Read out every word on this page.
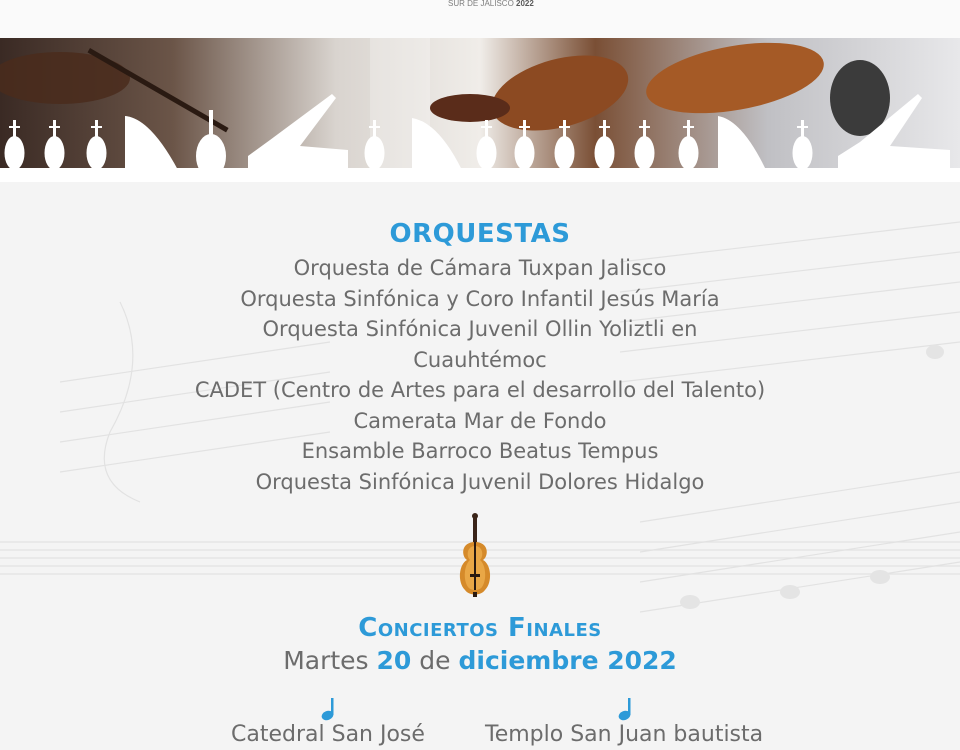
SUR DE JALISCO 2022
ORQUESTAS
Orquesta de Cámara Tuxpan Jalisco
Orquesta Sinfónica y Coro Infantil Jesús María
Orquesta Sinfónica Juvenil Ollin Yoliztli en
Cuauhtémoc
CADET (Centro de Artes para el desarrollo del Talento)
Camerata Mar de Fondo
Ensamble Barroco Beatus Tempus
Orquesta Sinfónica Juvenil Dolores Hidalgo
Conciertos Finales
Martes 20 de diciembre 2022
Catedral San José	Templo San Juan bautista
